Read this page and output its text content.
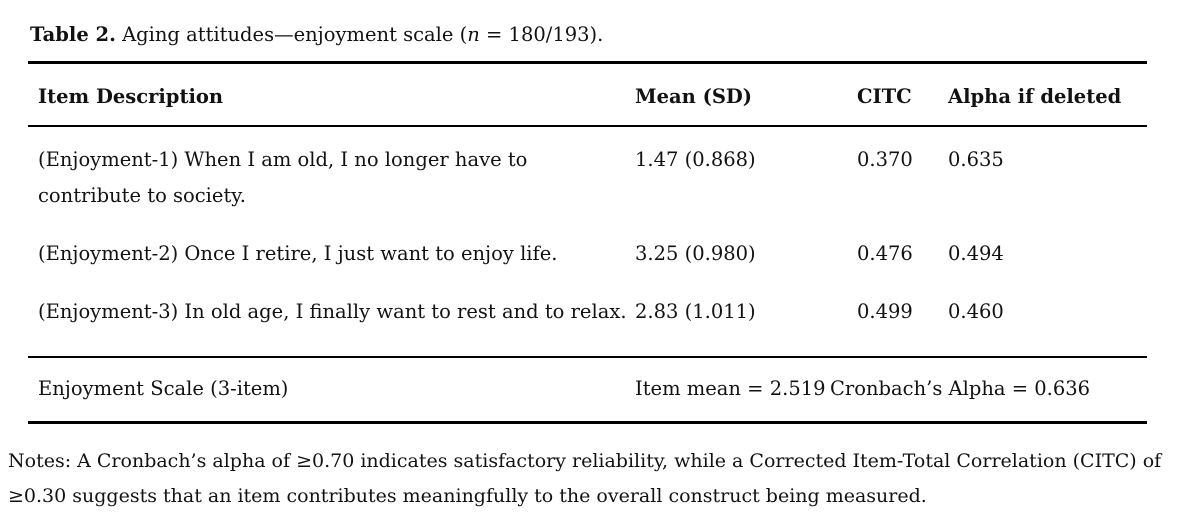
Table 2. Aging attitudes—enjoyment scale (n = 180/193).
Item Description	Mean (SD)	CITC	Alpha if deleted
(Enjoyment-1) When I am old, I no longer have to contribute to society.
1.47 (0.868)	0.370	0.635
(Enjoyment-2) Once I retire, I just want to enjoy life.	3.25 (0.980)	0.476	0.494
(Enjoyment-3) In old age, I finally want to rest and to relax. 2.83 (1.011)	0.499	0.460
Enjoyment Scale (3-item)	Item mean = 2.519 Cronbach’s Alpha = 0.636
Notes: A Cronbach’s alpha of ≥0.70 indicates satisfactory reliability, while a Corrected Item-Total Correlation (CITC) of ≥0.30 suggests that an item contributes meaningfully to the overall construct being measured.
